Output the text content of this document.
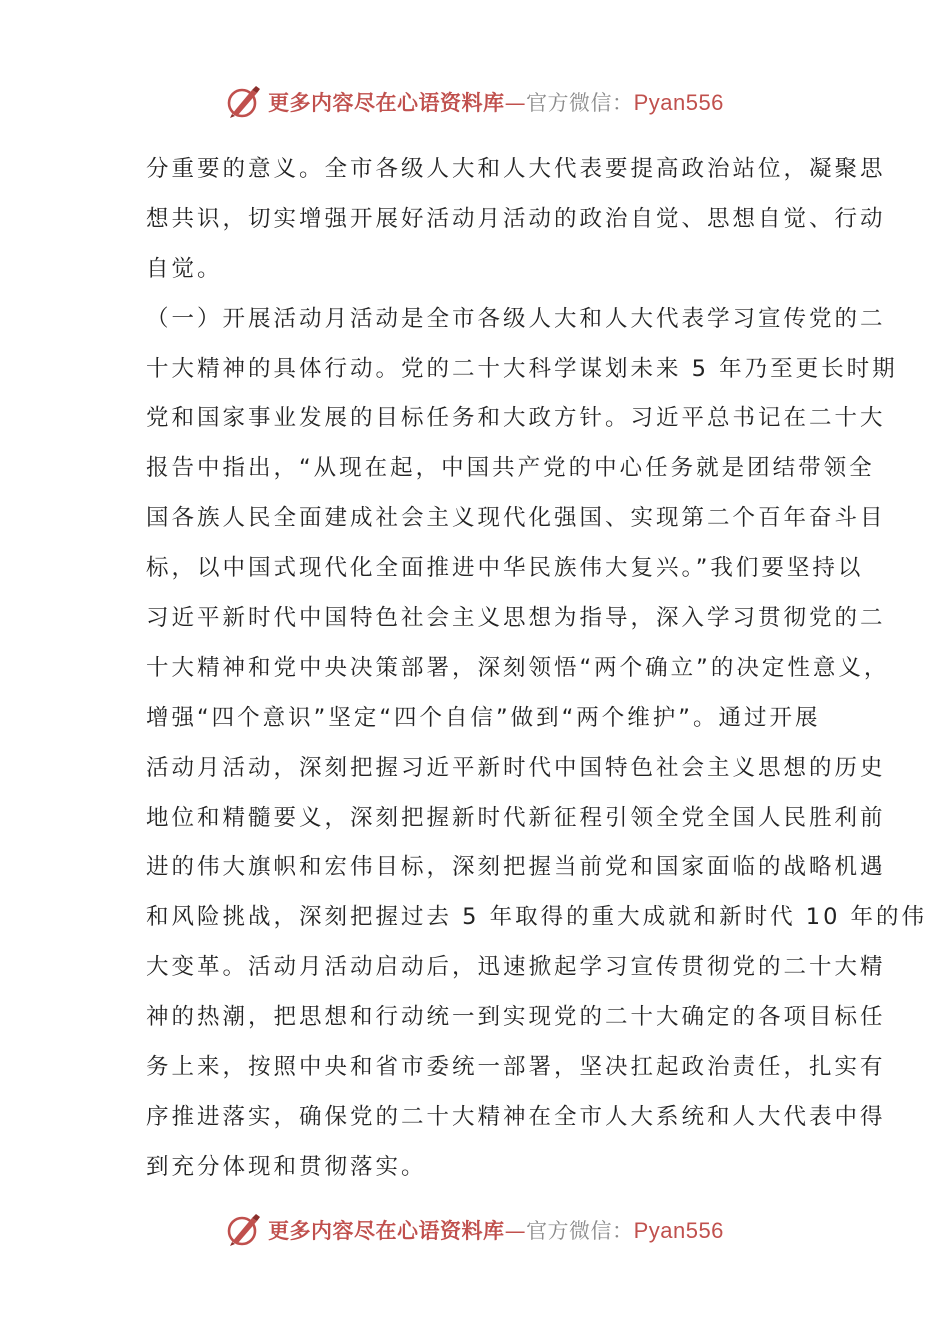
更多内容尽在心语资料库 — 官方微信： Pyan556
分重要的意义。全市各级人大和人大代表要提高政治站位，凝聚思
想共识，切实增强开展好活动月活动的政治自觉、思想自觉、行动
自觉。
（一）开展活动月活动是全市各级人大和人大代表学习宣传党的二
十大精神的具体行动。党的二十大科学谋划未来 5 年乃至更长时期
党和国家事业发展的目标任务和大政方针。习近平总书记在二十大
报告中指出，“从现在起，中国共产党的中心任务就是团结带领全
国各族人民全面建成社会主义现代化强国、实现第二个百年奋斗目
标，以中国式现代化全面推进中华民族伟大复兴。”我们要坚持以
习近平新时代中国特色社会主义思想为指导，深入学习贯彻党的二
十大精神和党中央决策部署，深刻领悟“两个确立”的决定性意义，
增强“四个意识”坚定“四个自信”做到“两个维护”。通过开展
活动月活动，深刻把握习近平新时代中国特色社会主义思想的历史
地位和精髓要义，深刻把握新时代新征程引领全党全国人民胜利前
进的伟大旗帜和宏伟目标，深刻把握当前党和国家面临的战略机遇
和风险挑战，深刻把握过去 5 年取得的重大成就和新时代 10 年的伟
大变革。活动月活动启动后，迅速掀起学习宣传贯彻党的二十大精
神的热潮，把思想和行动统一到实现党的二十大确定的各项目标任
务上来，按照中央和省市委统一部署，坚决扛起政治责任，扎实有
序推进落实，确保党的二十大精神在全市人大系统和人大代表中得
到充分体现和贯彻落实。
更多内容尽在心语资料库 — 官方微信： Pyan556
